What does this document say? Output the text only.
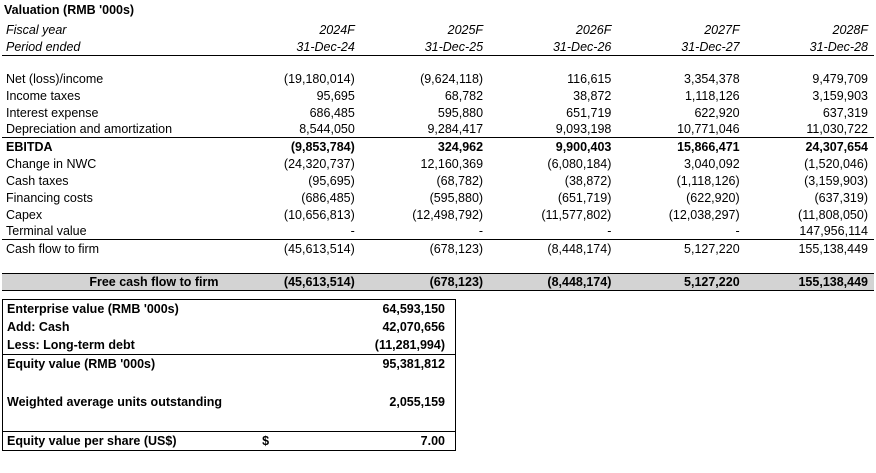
Valuation (RMB '000s)
Fiscal year	2024F	2025F	2026F	2027F	2028F
Period ended	31-Dec-24	31-Dec-25	31-Dec-26	31-Dec-27	31-Dec-28

Net (loss)/income	(19,180,014)	(9,624,118)	116,615	3,354,378	9,479,709
Income taxes	95,695	68,782	38,872	1,118,126	3,159,903
Interest expense	686,485	595,880	651,719	622,920	637,319
Depreciation and amortization	8,544,050	9,284,417	9,093,198	10,771,046	11,030,722
EBITDA	(9,853,784)	324,962	9,900,403	15,866,471	24,307,654
Change in NWC	(24,320,737)	12,160,369	(6,080,184)	3,040,092	(1,520,046)
Cash taxes	(95,695)	(68,782)	(38,872)	(1,118,126)	(3,159,903)
Financing costs	(686,485)	(595,880)	(651,719)	(622,920)	(637,319)
Capex	(10,656,813)	(12,498,792)	(11,577,802)	(12,038,297)	(11,808,050)
Terminal value	-	-	-	-	147,956,114
Cash flow to firm	(45,613,514)	(678,123)	(8,448,174)	5,127,220	155,138,449

Free cash flow to firm	(45,613,514)	(678,123)	(8,448,174)	5,127,220	155,138,449
Enterprise value (RMB '000s)		64,593,150
Add: Cash		42,070,656
Less: Long-term debt		(11,281,994)
Equity value (RMB '000s)		95,381,812

Weighted average units outstanding		2,055,159

Equity value per share (US$)	$	7.00
